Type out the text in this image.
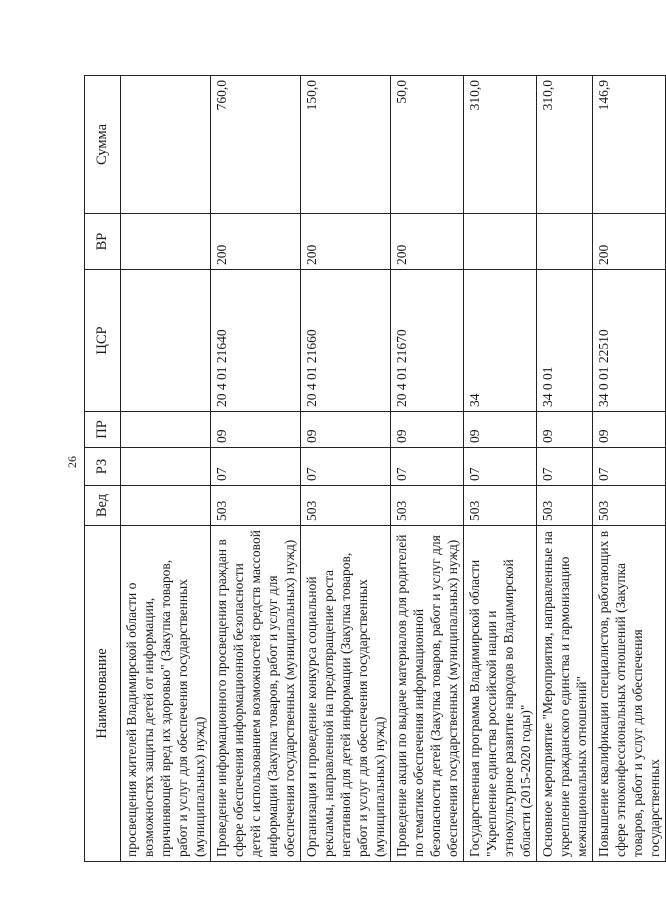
26
Наименование	Вед	РЗ	ПР	ЦСР	ВР	Сумма
просвещения жителей Владимирской области о возможностях защиты детей от информации, причиняющей вред их здоровью" (Закупка товаров, работ и услуг для обеспечения государственных (муниципальных) нужд)						
Проведение информационного просвещения граждан в сфере обеспечения информационной безопасности детей с использованием возможностей средств массовой информации (Закупка товаров, работ и услуг для обеспечения государственных (муниципальных) нужд)	503	07	09	20 4 01 21640	200	760,0
Организация и проведение конкурса социальной рекламы, направленной на предотвращение роста негативной для детей информации (Закупка товаров, работ и услуг для обеспечения государственных (муниципальных) нужд)	503	07	09	20 4 01 21660	200	150,0
Проведение акции по выдаче материалов для родителей по тематике обеспечения информационной безопасности детей (Закупка товаров, работ и услуг для обеспечения государственных (муниципальных) нужд)	503	07	09	20 4 01 21670	200	50,0
Государственная программа Владимирской области "Укрепление единства российской нации и этнокультурное развитие народов во Владимирской области (2015-2020 годы)"	503	07	09	34		310,0
Основное мероприятие "Мероприятия, направленные на укрепление гражданского единства и гармонизацию межнациональных отношений"	503	07	09	34 0 01		310,0
Повышение квалификации специалистов, работающих в сфере этноконфессиональных отношений (Закупка товаров, работ и услуг для обеспечения государственных	503	07	09	34 0 01 22510	200	146,9
